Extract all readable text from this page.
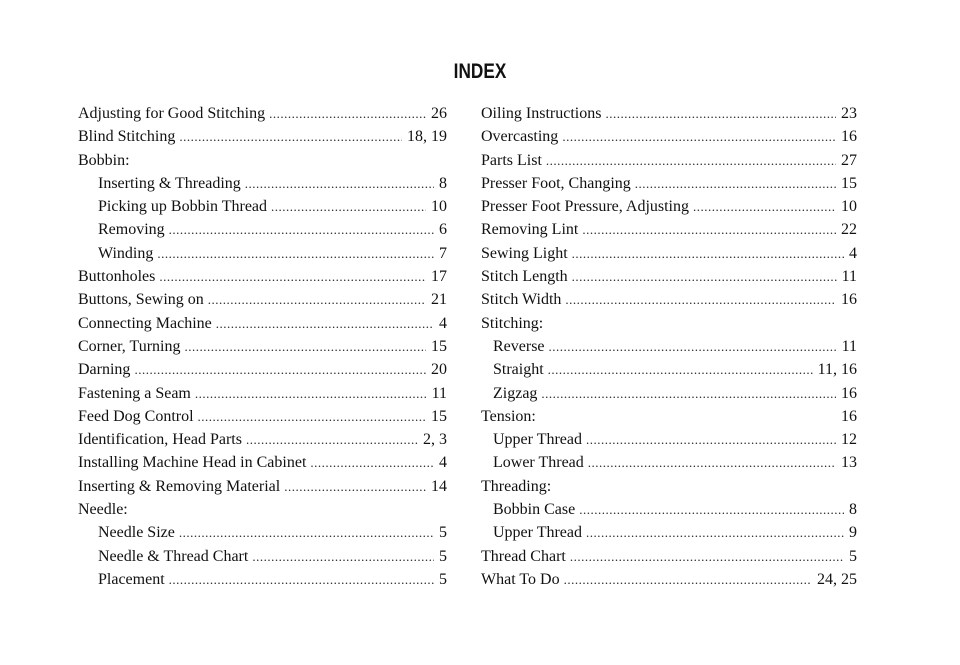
INDEX
Adjusting for Good Stitching .....	26
Blind Stitching .....	18, 19
Bobbin:
Inserting & Threading .....	8
Picking up Bobbin Thread .....	10
Removing .....	6
Winding .....	7
Buttonholes .....	17
Buttons, Sewing on .....	21
Connecting Machine .....	4
Corner, Turning .....	15
Darning .....	20
Fastening a Seam .....	11
Feed Dog Control .....	15
Identification, Head Parts .....	2, 3
Installing Machine Head in Cabinet .....	4
Inserting & Removing Material .....	14
Needle:
Needle Size .....	5
Needle & Thread Chart .....	5
Placement .....	5
Oiling Instructions .....	23
Overcasting .....	16
Parts List .....	27
Presser Foot, Changing .....	15
Presser Foot Pressure, Adjusting .....	10
Removing Lint .....	22
Sewing Light .....	4
Stitch Length .....	11
Stitch Width .....	16
Stitching:
Reverse .....	11
Straight .....	11, 16
Zigzag .....	16
Tension:	16
Upper Thread .....	12
Lower Thread .....	13
Threading:
Bobbin Case .....	8
Upper Thread .....	9
Thread Chart .....	5
What To Do .....	24, 25
